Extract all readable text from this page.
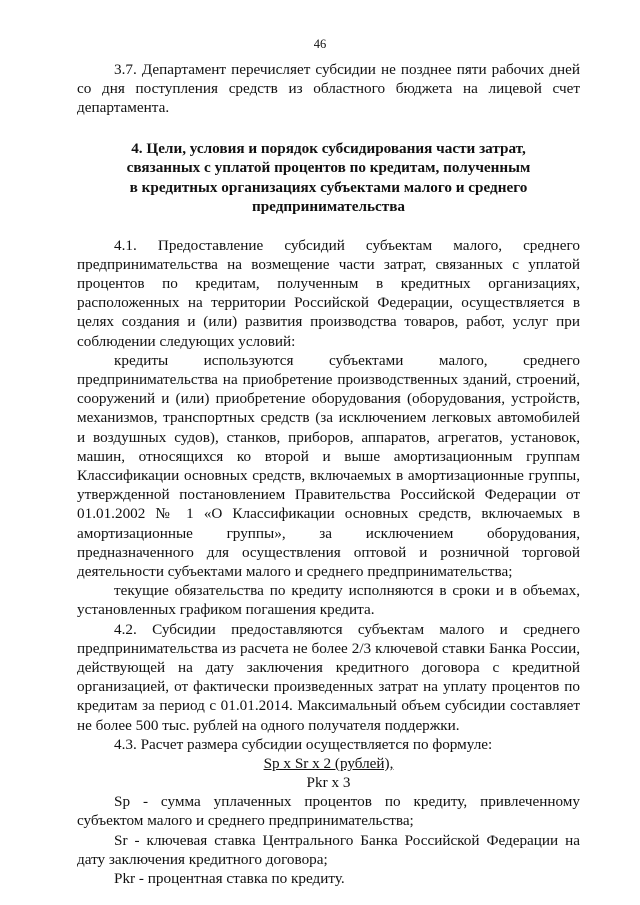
46

3.7. Департамент перечисляет субсидии не позднее пяти рабочих дней со дня поступления средств из областного бюджета на лицевой счет департамента.

4. Цели, условия и порядок субсидирования части затрат,
связанных с уплатой процентов по кредитам, полученным
в кредитных организациях субъектами малого и среднего
предпринимательства

4.1. Предоставление субсидий субъектам малого, среднего предпринимательства на возмещение части затрат, связанных с уплатой процентов по кредитам, полученным в кредитных организациях, расположенных на территории Российской Федерации, осуществляется в целях создания и (или) развития производства товаров, работ, услуг при соблюдении следующих условий:

кредиты используются субъектами малого, среднего предпринимательства на приобретение производственных зданий, строений, сооружений и (или) приобретение оборудования (оборудования, устройств, механизмов, транспортных средств (за исключением легковых автомобилей и воздушных судов), станков, приборов, аппаратов, агрегатов, установок, машин, относящихся ко второй и выше амортизационным группам Классификации основных средств, включаемых в амортизационные группы, утвержденной постановлением Правительства Российской Федерации от 01.01.2002 № 1 «О Классификации основных средств, включаемых в амортизационные группы», за исключением оборудования, предназначенного для осуществления оптовой и розничной торговой деятельности субъектами малого и среднего предпринимательства;

текущие обязательства по кредиту исполняются в сроки и в объемах, установленных графиком погашения кредита.

4.2. Субсидии предоставляются субъектам малого и среднего предпринимательства из расчета не более 2/3 ключевой ставки Банка России, действующей на дату заключения кредитного договора с кредитной организацией, от фактически произведенных затрат на уплату процентов по кредитам за период с 01.01.2014. Максимальный объем субсидии составляет не более 500 тыс. рублей на одного получателя поддержки.

4.3. Расчет размера субсидии осуществляется по формуле:

Sp x Sr x 2 (рублей),
Pkr x 3

Sp - сумма уплаченных процентов по кредиту, привлеченному субъектом малого и среднего предпринимательства;

Sr - ключевая ставка Центрального Банка Российской Федерации на дату заключения кредитного договора;

Pkr - процентная ставка по кредиту.
